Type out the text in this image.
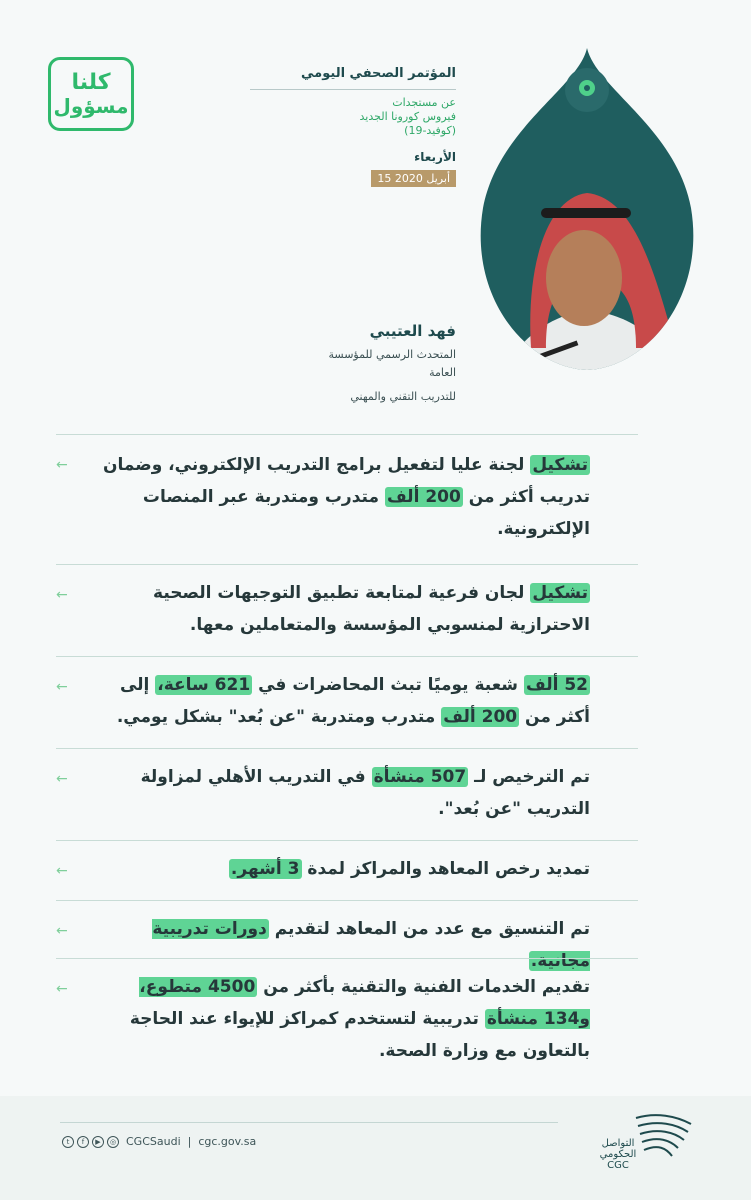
كلنا
مسؤول
المؤتمر الصحفي اليومي
عن مستجدات
فيروس كورونا الجديد
(كوفيد-19)
الأربعاء
15 أبريل 2020
فهد العتيبي
المتحدث الرسمي للمؤسسة العامة
للتدريب التقني والمهني
←	تشكيل لجنة عليا لتفعيل برامج التدريب الإلكتروني، وضمان تدريب أكثر من 200 ألف متدرب ومتدربة عبر المنصات الإلكترونية.
←	تشكيل لجان فرعية لمتابعة تطبيق التوجيهات الصحية الاحترازية لمنسوبي المؤسسة والمتعاملين معها.
←	52 ألف شعبة يوميًا تبث المحاضرات في 621 ساعة، إلى أكثر من 200 ألف متدرب ومتدربة "عن بُعد" بشكل يومي.
←	تم الترخيص لـ 507 منشأة في التدريب الأهلي لمزاولة التدريب "عن بُعد".
←	تمديد رخص المعاهد والمراكز لمدة 3 أشهر.
←	تم التنسيق مع عدد من المعاهد لتقديم دورات تدريبية مجانية.
←	تقديم الخدمات الفنية والتقنية بأكثر من 4500 متطوع، و134 منشأة تدريبية لتستخدم كمراكز للإيواء عند الحاجة بالتعاون مع وزارة الصحة.
t	f	▶	◎ CGCSaudi | cgc.gov.sa	التواصل
الحكومي
CGC
